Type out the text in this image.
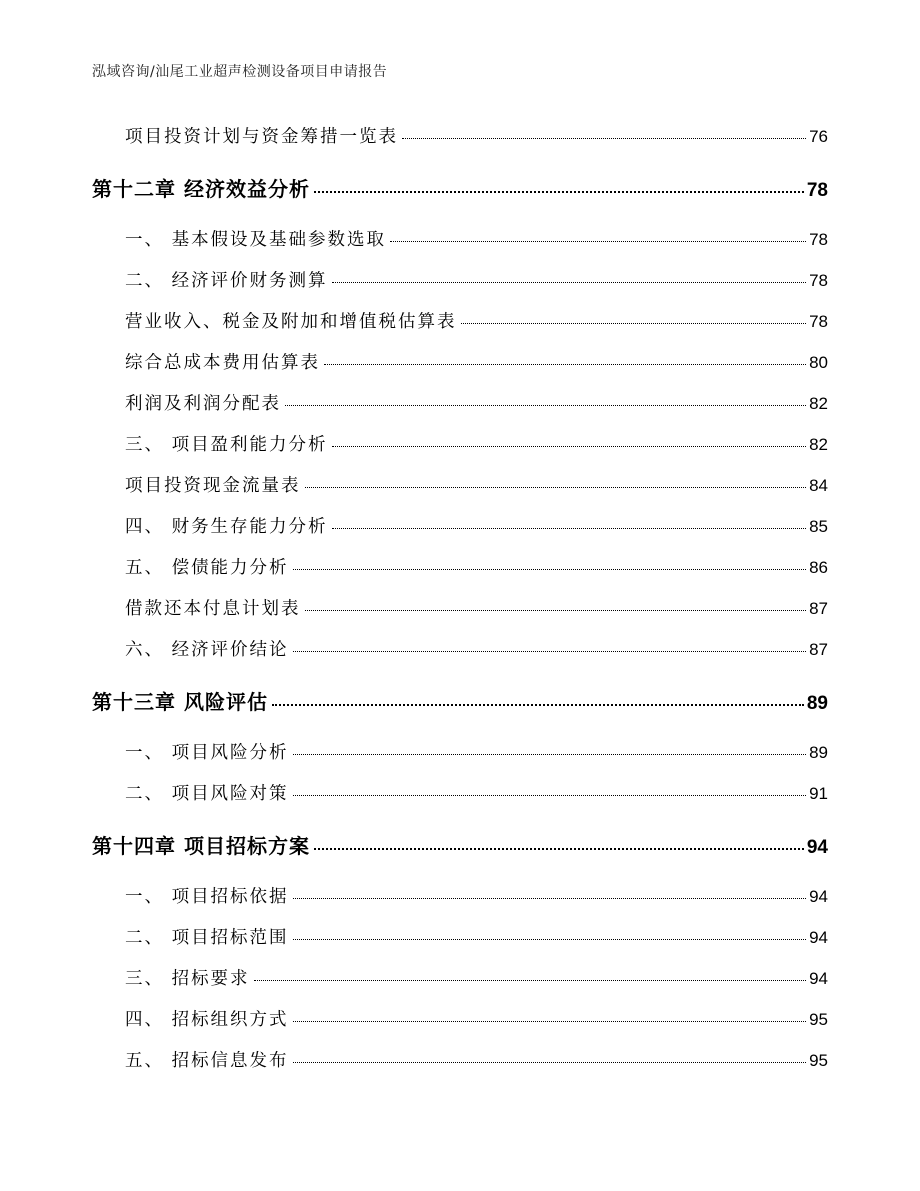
泓域咨询/汕尾工业超声检测设备项目申请报告
项目投资计划与资金筹措一览表	76
第十二章 经济效益分析	78
一、 基本假设及基础参数选取	78
二、 经济评价财务测算	78
营业收入、税金及附加和增值税估算表	78
综合总成本费用估算表	80
利润及利润分配表	82
三、 项目盈利能力分析	82
项目投资现金流量表	84
四、 财务生存能力分析	85
五、 偿债能力分析	86
借款还本付息计划表	87
六、 经济评价结论	87
第十三章 风险评估	89
一、 项目风险分析	89
二、 项目风险对策	91
第十四章 项目招标方案	94
一、 项目招标依据	94
二、 项目招标范围	94
三、 招标要求	94
四、 招标组织方式	95
五、 招标信息发布	95
